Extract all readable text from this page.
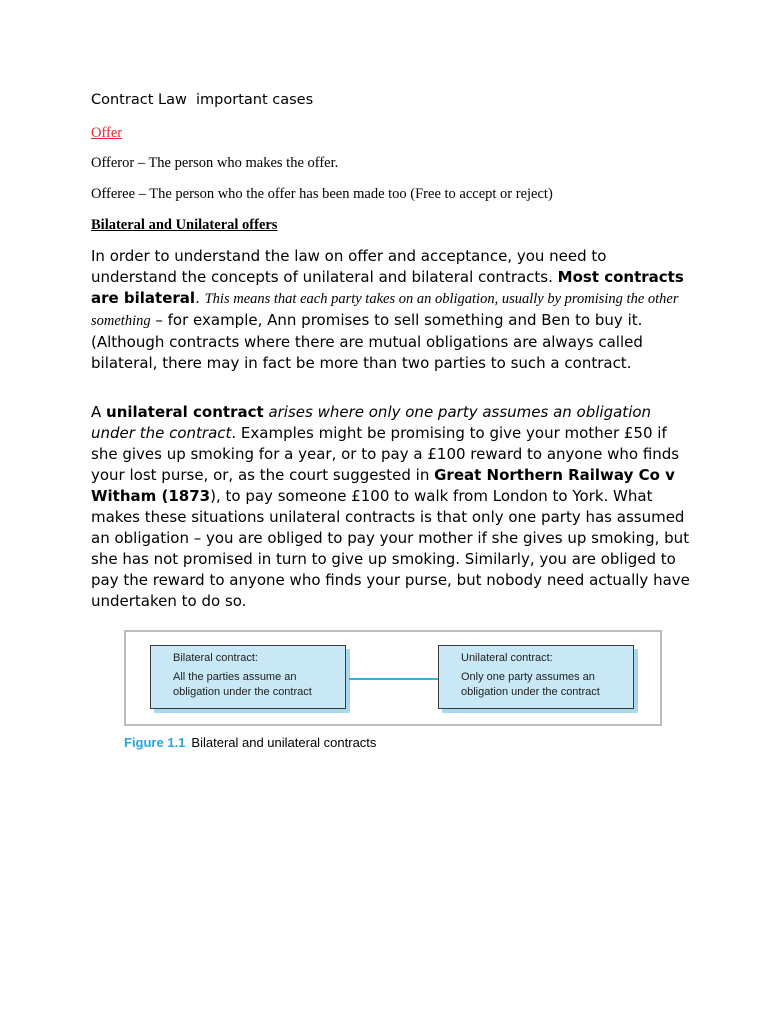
Contract Law  important cases
Offer
Offeror – The person who makes the offer.
Offeree – The person who the offer has been made too (Free to accept or reject)
Bilateral and Unilateral offers
In order to understand the law on offer and acceptance, you need to understand the concepts of unilateral and bilateral contracts. Most contracts are bilateral. This means that each party takes on an obligation, usually by promising the other something – for example, Ann promises to sell something and Ben to buy it. (Although contracts where there are mutual obligations are always called bilateral, there may in fact be more than two parties to such a contract.
A unilateral contract arises where only one party assumes an obligation under the contract. Examples might be promising to give your mother £50 if she gives up smoking for a year, or to pay a £100 reward to anyone who finds your lost purse, or, as the court suggested in Great Northern Railway Co v Witham (1873), to pay someone £100 to walk from London to York. What makes these situations unilateral contracts is that only one party has assumed an obligation – you are obliged to pay your mother if she gives up smoking, but she has not promised in turn to give up smoking. Similarly, you are obliged to pay the reward to anyone who finds your purse, but nobody need actually have undertaken to do so.
Bilateral contract:
All the parties assume an obligation under the contract
Unilateral contract:
Only one party assumes an obligation under the contract
Figure 1.1 Bilateral and unilateral contracts
